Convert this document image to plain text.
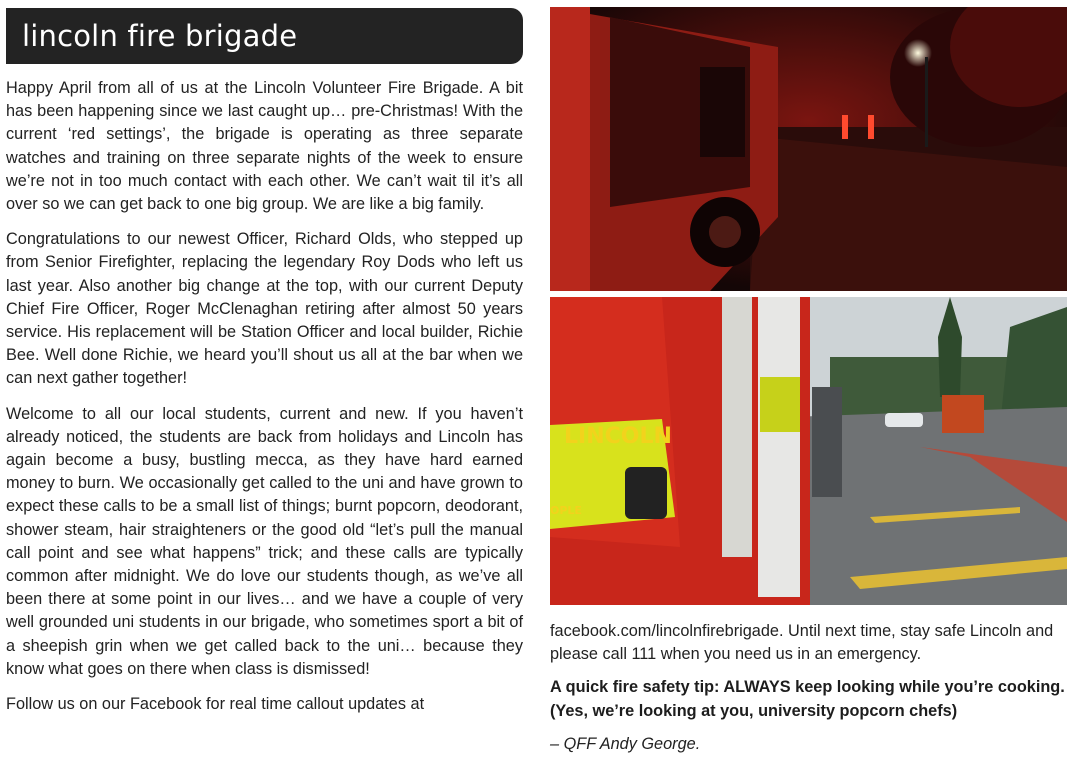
lincoln fire brigade

Happy April from all of us at the Lincoln Volunteer Fire Brigade. A bit has been happening since we last caught up… pre-Christmas! With the current ‘red settings’, the brigade is operating as three separate watches and training on three separate nights of the week to ensure we’re not in too much contact with each other. We can’t wait til it’s all over so we can get back to one big group. We are like a big family.

Congratulations to our newest Officer, Richard Olds, who stepped up from Senior Firefighter, replacing the legendary Roy Dods who left us last year. Also another big change at the top, with our current Deputy Chief Fire Officer, Roger McClenaghan retiring after almost 50 years service. His replacement will be Station Officer and local builder, Richie Bee. Well done Richie, we heard you’ll shout us all at the bar when we can next gather together!

Welcome to all our local students, current and new. If you haven’t already noticed, the students are back from holidays and Lincoln has again become a busy, bustling mecca, as they have hard earned money to burn. We occasionally get called to the uni and have grown to expect these calls to be a small list of things; burnt popcorn, deodorant, shower steam, hair straighteners or the good old “let’s pull the manual call point and see what happens” trick; and these calls are typically common after midnight. We do love our students though, as we’ve all been there at some point in our lives… and we have a couple of very well grounded uni students in our brigade, who sometimes sport a bit of a sheepish grin when we get called back to the uni… because they know what goes on there when class is dismissed!

Follow us on our Facebook for real time callout updates at

LINCOLN
OPLE

facebook.com/lincolnfirebrigade. Until next time, stay safe Lincoln and please call 111 when you need us in an emergency.

A quick fire safety tip: ALWAYS keep looking while you’re cooking. (Yes, we’re looking at you, university popcorn chefs)

– QFF Andy George.
